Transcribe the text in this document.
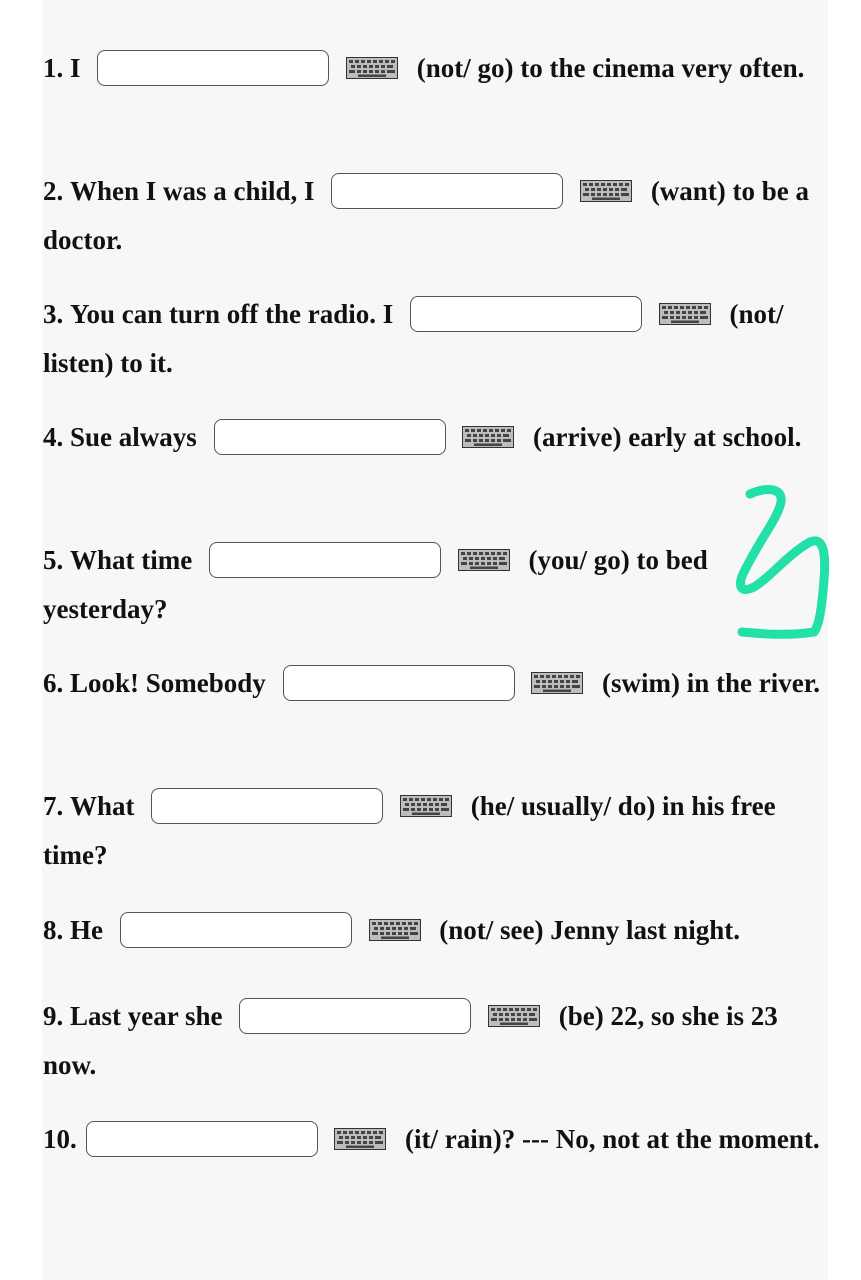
1. I	(not/ go) to the cinema very often.
2. When I was a child, I	(want) to be a doctor.
3. You can turn off the radio. I	(not/ listen) to it.
4. Sue always	(arrive) early at school.
5. What time	(you/ go) to bed yesterday?
6. Look! Somebody	(swim) in the river.
7. What	(he/ usually/ do) in his free time?
8. He	(not/ see) Jenny last night.
9. Last year she	(be) 22, so she is 23 now.
10.	(it/ rain)? --- No, not at the moment.
